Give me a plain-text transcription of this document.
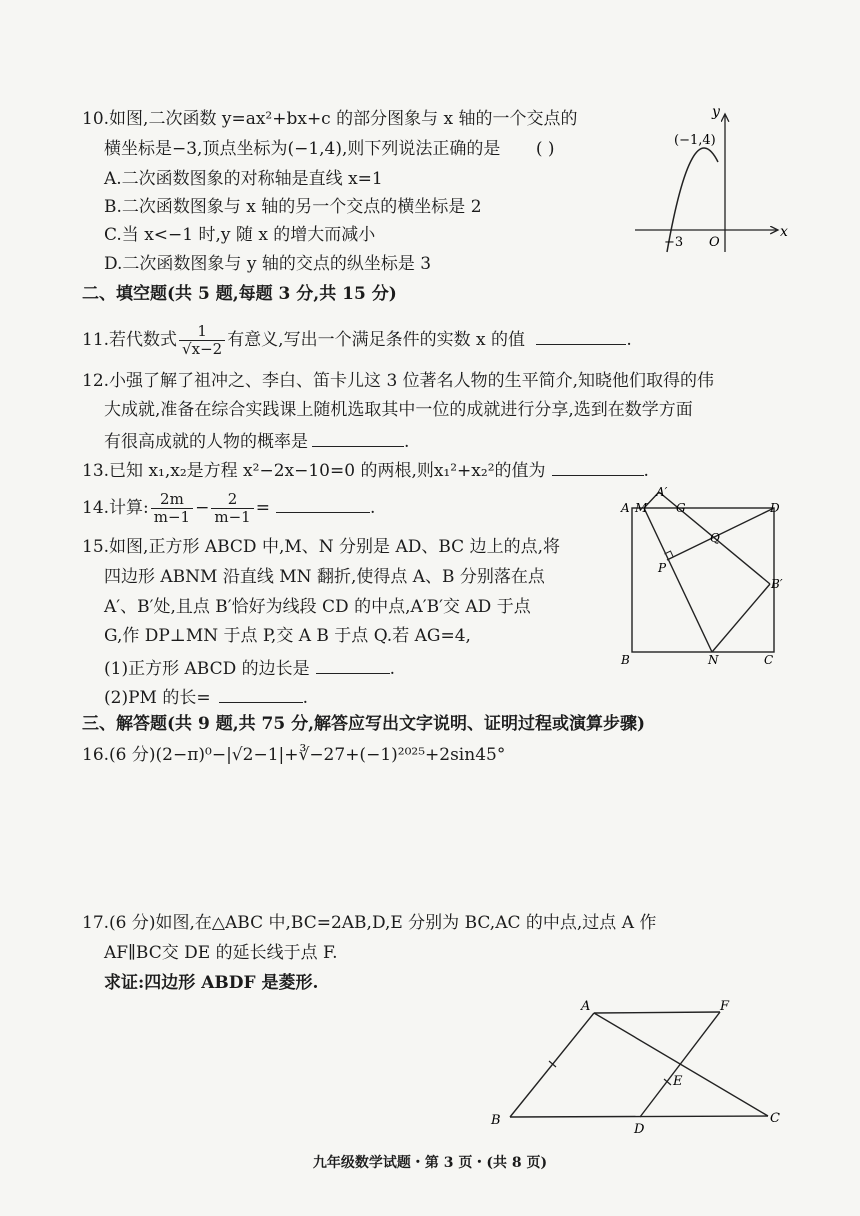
10.如图,二次函数 y=ax²+bx+c 的部分图象与 x 轴的一个交点的
横坐标是−3,顶点坐标为(−1,4),则下列说法正确的是 ( )
A.二次函数图象的对称轴是直线 x=1
B.二次函数图象与 x 轴的另一个交点的横坐标是 2
C.当 x<−1 时,y 随 x 的增大而减小
D.二次函数图象与 y 轴的交点的纵坐标是 3
y
x
(−1,4)
−3 O
二、填空题(共 5 题,每题 3 分,共 15 分)
11.若代数式 $\frac{1}{√x-2}$ 有意义,写出一个满足条件的实数 x 的值	.
12.小强了解了祖冲之、李白、笛卡儿这 3 位著名人物的生平简介,知晓他们取得的伟
大成就,准备在综合实践课上随机选取其中一位的成就进行分享,选到在数学方面
有很高成就的人物的概率是	.
13.已知 x₁,x₂是方程 x²−2x−10=0 的两根,则x₁²+x₂²的值为	.
14.计算: $\frac{2m}{m-1} - \frac{2}{m-1}$ =	.
15.如图,正方形 ABCD 中,M、N 分别是 AD、BC 边上的点,将
四边形 ABNM 沿直线 MN 翻折,使得点 A、B 分别落在点
A′、B′处,且点 B′恰好为线段 CD 的中点,A′B′交 AD 于点
G,作 DP⊥MN 于点 P,交 A B 于点 Q.若 AG=4,
(1)正方形 ABCD 的边长是	.
(2)PM 的长=	.
A M
A′
G	D
Q
P
B′
B	N	C
三、解答题(共 9 题,共 75 分,解答应写出文字说明、证明过程或演算步骤)
16.(6 分)(2−π)⁰−|√2−1|+∛−27+(−1)²⁰²⁵+2sin45°
17.(6 分)如图,在△ABC 中,BC=2AB,D,E 分别为 BC,AC 的中点,过点 A 作
AF∥BC交 DE 的延长线于点 F.
求证:四边形 ABDF 是菱形.
A	F
E
B
D
C
九年级数学试题・第 3 页・(共 8 页)
